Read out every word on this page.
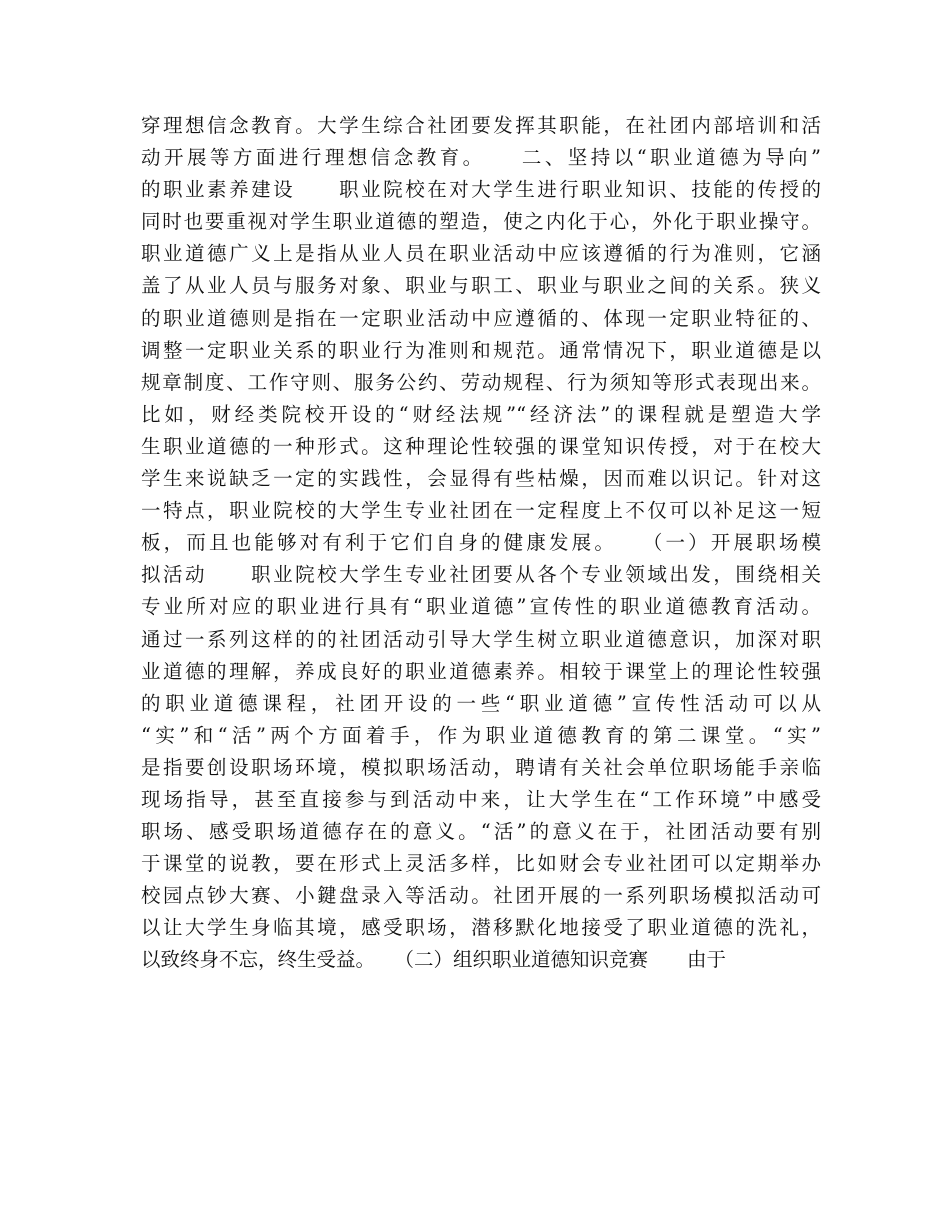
穿理想信念教育。大学生综合社团要发挥其职能，在社团内部培训和活
动开展等方面进行理想信念教育。　　二、坚持以“职业道德为导向”
的职业素养建设　　职业院校在对大学生进行职业知识、技能的传授的
同时也要重视对学生职业道德的塑造，使之内化于心，外化于职业操守。
职业道德广义上是指从业人员在职业活动中应该遵循的行为准则，它涵
盖了从业人员与服务对象、职业与职工、职业与职业之间的关系。狭义
的职业道德则是指在一定职业活动中应遵循的、体现一定职业特征的、
调整一定职业关系的职业行为准则和规范。通常情况下，职业道德是以
规章制度、工作守则、服务公约、劳动规程、行为须知等形式表现出来。
比如，财经类院校开设的“财经法规”“经济法”的课程就是塑造大学
生职业道德的一种形式。这种理论性较强的课堂知识传授，对于在校大
学生来说缺乏一定的实践性，会显得有些枯燥，因而难以识记。针对这
一特点，职业院校的大学生专业社团在一定程度上不仅可以补足这一短
板，而且也能够对有利于它们自身的健康发展。　　（一）开展职场模
拟活动　　职业院校大学生专业社团要从各个专业领域出发，围绕相关
专业所对应的职业进行具有“职业道德”宣传性的职业道德教育活动。
通过一系列这样的的社团活动引导大学生树立职业道德意识，加深对职
业道德的理解，养成良好的职业道德素养。相较于课堂上的理论性较强
的职业道德课程，社团开设的一些“职业道德”宣传性活动可以从
“实”和“活”两个方面着手，作为职业道德教育的第二课堂。“实”
是指要创设职场环境，模拟职场活动，聘请有关社会单位职场能手亲临
现场指导，甚至直接参与到活动中来，让大学生在“工作环境”中感受
职场、感受职场道德存在的意义。“活”的意义在于，社团活动要有别
于课堂的说教，要在形式上灵活多样，比如财会专业社团可以定期举办
校园点钞大赛、小鍵盘录入等活动。社团开展的一系列职场模拟活动可
以让大学生身临其境，感受职场，潜移默化地接受了职业道德的洗礼，
以致终身不忘，终生受益。　　（二）组织职业道德知识竞赛　　由于
